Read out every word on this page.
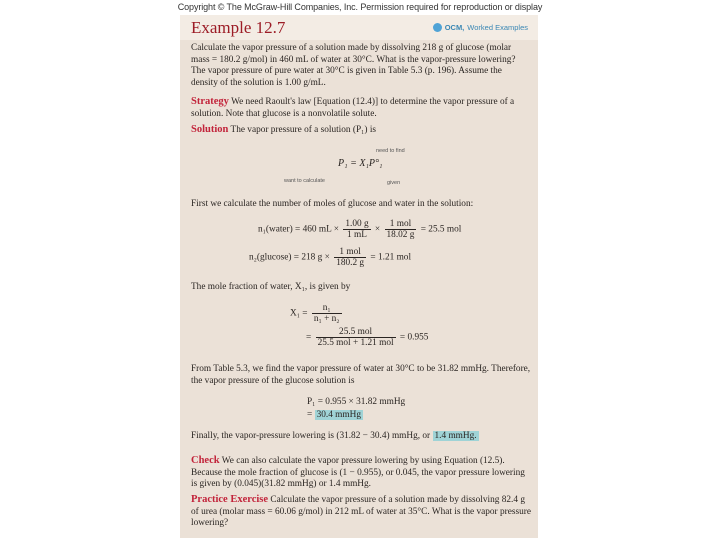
Copyright © The McGraw-Hill Companies, Inc. Permission required for reproduction or display
Example 12.7	OCM, Worked Examples
Calculate the vapor pressure of a solution made by dissolving 218 g of glucose (molar mass = 180.2 g/mol) in 460 mL of water at 30°C. What is the vapor-pressure lowering? The vapor pressure of pure water at 30°C is given in Table 5.3 (p. 196). Assume the density of the solution is 1.00 g/mL.
Strategy We need Raoult's law [Equation (12.4)] to determine the vapor pressure of a solution. Note that glucose is a nonvolatile solute.
Solution The vapor pressure of a solution (P₁) is
need to find
P₁ = X₁P°₁
want to calculate	given
First we calculate the number of moles of glucose and water in the solution:
n₁(water) = 460 mL × $\frac{1.00 g}{1 mL} \times \frac{\text{1 mol}}{18.02 g} = 25.5$ mol
n₂(glucose) = 218 $g \times \frac{\text{1 mol}}{180.2 g} = 1.21$ mol
The mole fraction of water, X₁, is given by
$X_1 = \frac{\text{n₁}}{\text{n₁ + n₂}}$
= $\frac{\text{25.5 mol}}{\text{25.5 mol + 1.21 mol}} = 0.955$
From Table 5.3, we find the vapor pressure of water at 30°C to be 31.82 mmHg. Therefore, the vapor pressure of the glucose solution is
P₁ = 0.955 × 31.82 mmHg
= 30.4 mmHg
Finally, the vapor-pressure lowering is (31.82 − 30.4) mmHg, or 1.4 mmHg.
Check We can also calculate the vapor pressure lowering by using Equation (12.5). Because the mole fraction of glucose is (1 − 0.955), or 0.045, the vapor pressure lowering is given by (0.045)(31.82 mmHg) or 1.4 mmHg.
Practice Exercise Calculate the vapor pressure of a solution made by dissolving 82.4 g of urea (molar mass = 60.06 g/mol) in 212 mL of water at 35°C. What is the vapor pressure lowering?
